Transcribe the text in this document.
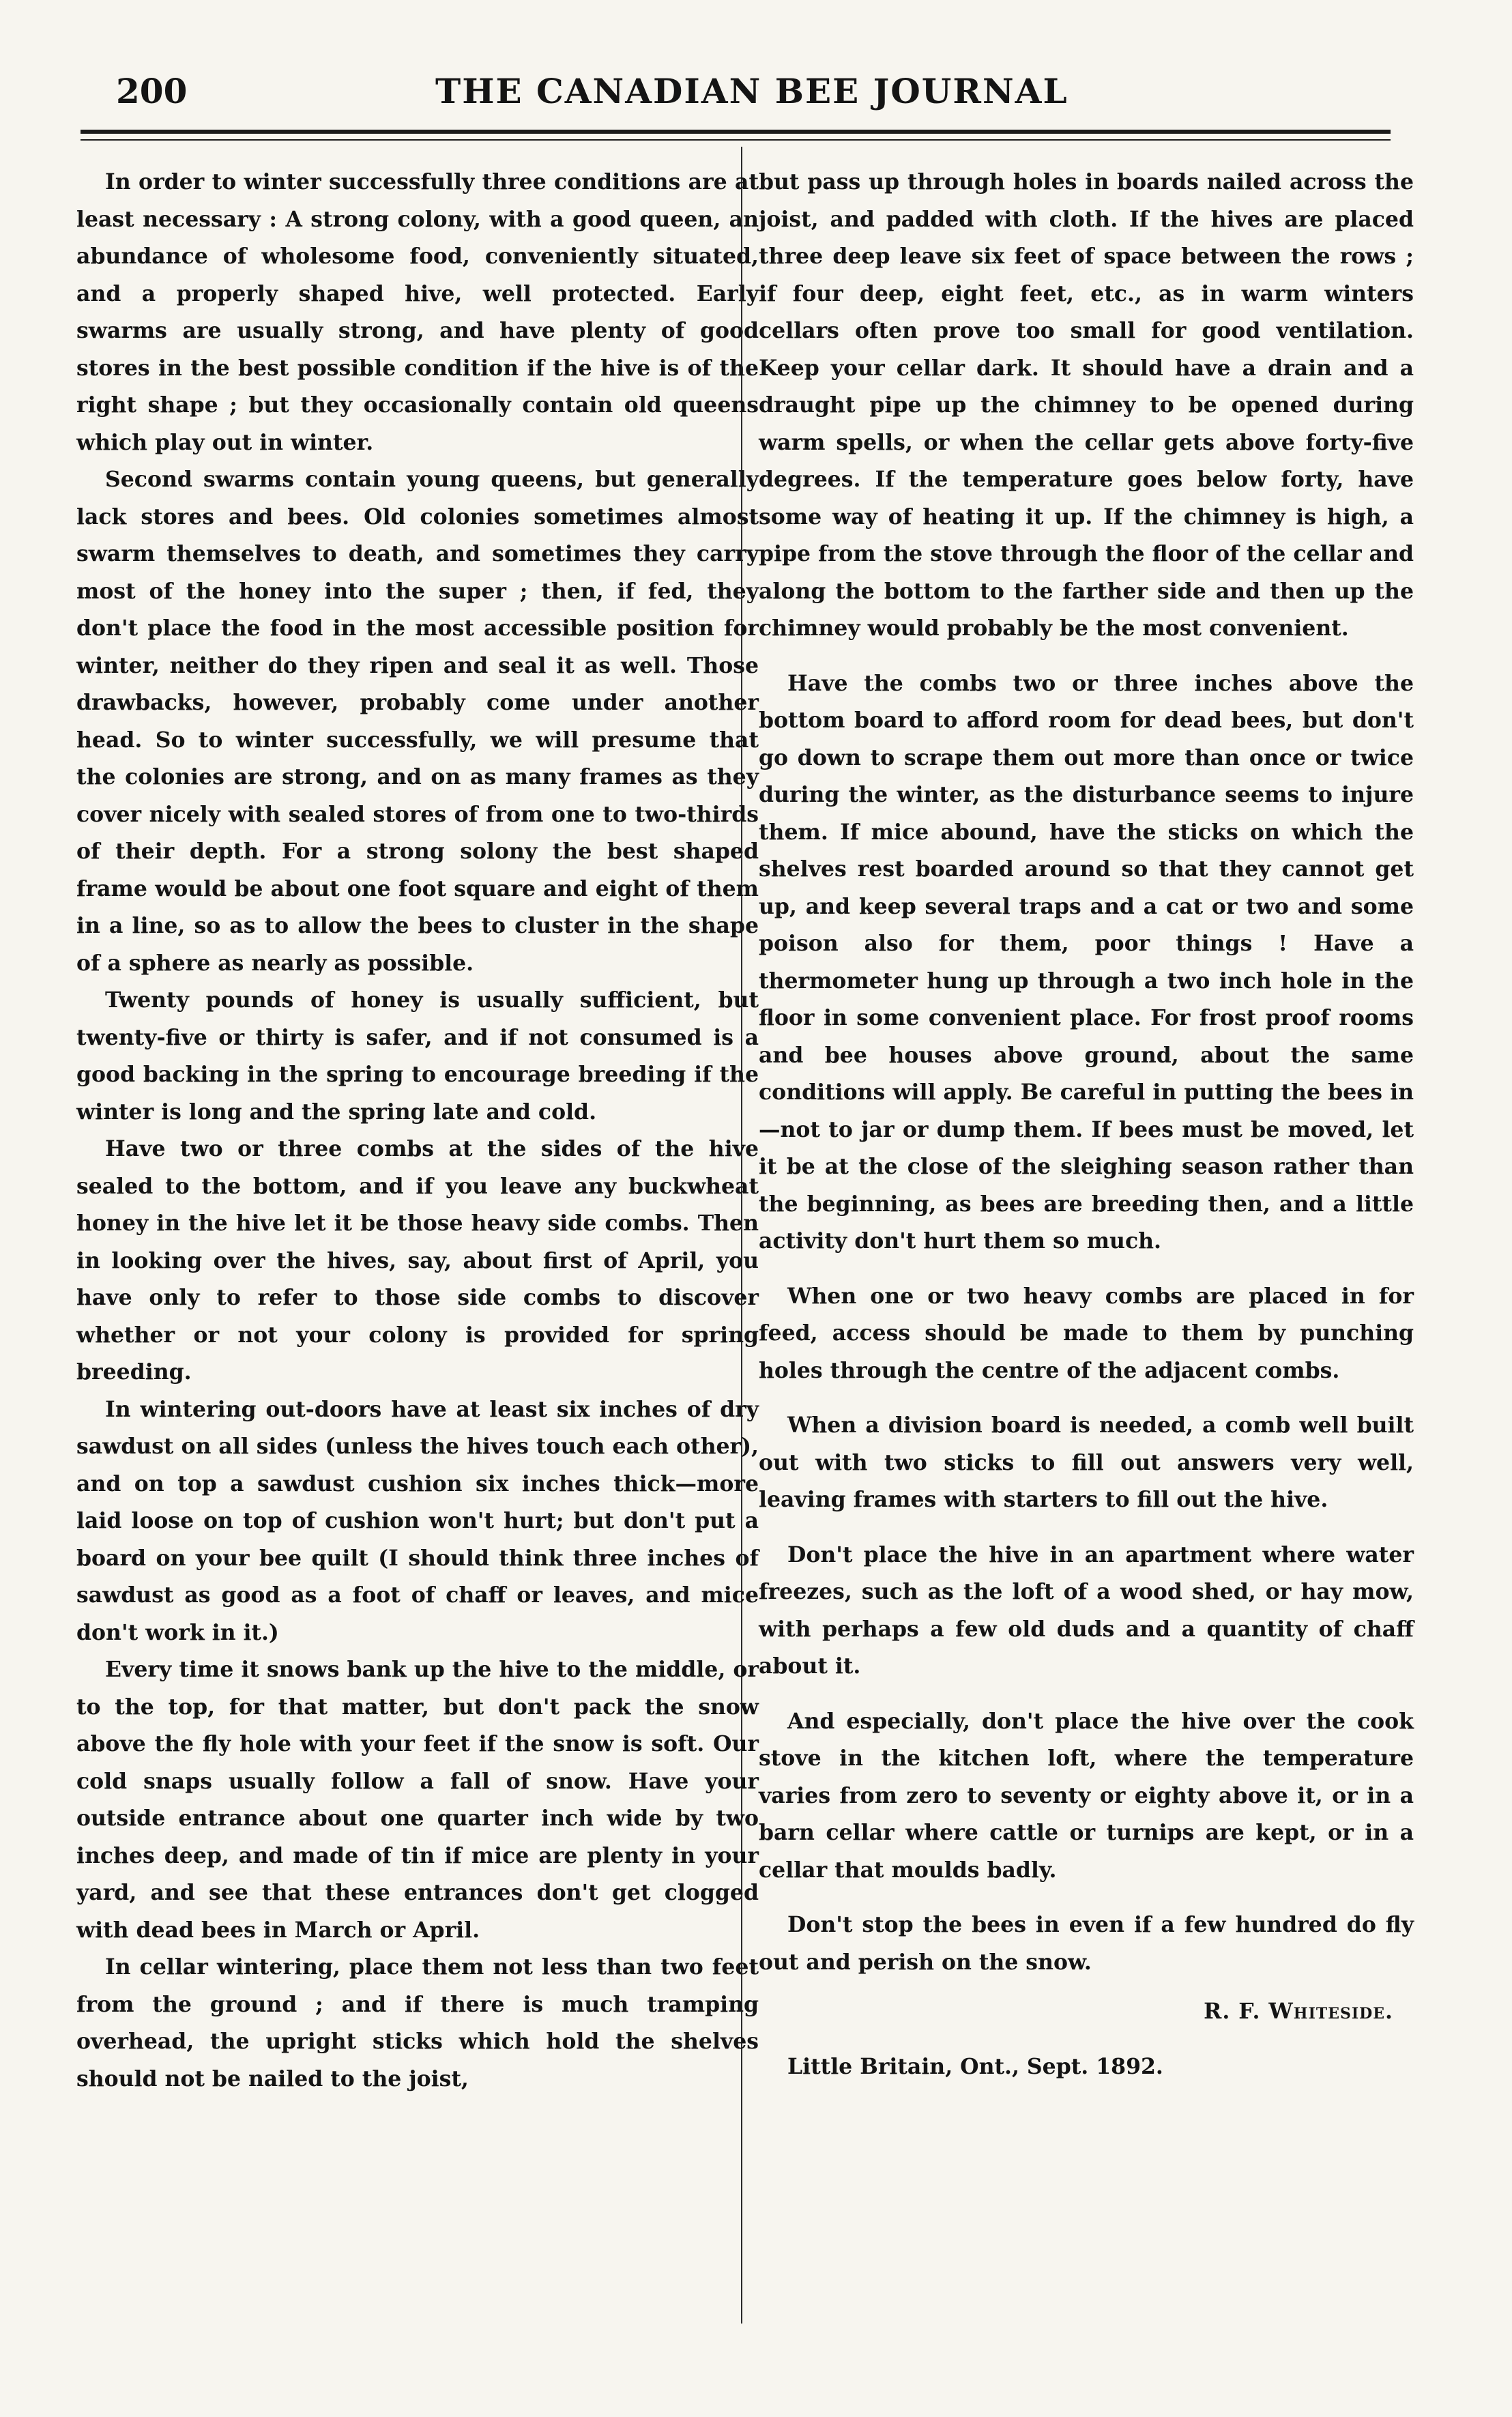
200	THE CANADIAN BEE JOURNAL

In order to winter successfully three conditions are at least necessary : A strong colony, with a good queen, an abundance of wholesome food, conveniently situated, and a properly shaped hive, well protected. Early swarms are usually strong, and have plenty of good stores in the best possible condition if the hive is of the right shape ; but they occasionally contain old queens which play out in winter.

Second swarms contain young queens, but generally lack stores and bees. Old colonies sometimes almost swarm themselves to death, and sometimes they carry most of the honey into the super ; then, if fed, they don't place the food in the most accessible position for winter, neither do they ripen and seal it as well. Those drawbacks, however, probably come under another head. So to winter successfully, we will presume that the colonies are strong, and on as many frames as they cover nicely with sealed stores of from one to two-thirds of their depth. For a strong solony the best shaped frame would be about one foot square and eight of them in a line, so as to allow the bees to cluster in the shape of a sphere as nearly as possible.

Twenty pounds of honey is usually sufficient, but twenty-five or thirty is safer, and if not consumed is a good backing in the spring to encourage breeding if the winter is long and the spring late and cold.

Have two or three combs at the sides of the hive sealed to the bottom, and if you leave any buckwheat honey in the hive let it be those heavy side combs. Then in looking over the hives, say, about first of April, you have only to refer to those side combs to discover whether or not your colony is provided for spring breeding.

In wintering out-doors have at least six inches of dry sawdust on all sides (unless the hives touch each other), and on top a sawdust cushion six inches thick—more laid loose on top of cushion won't hurt; but don't put a board on your bee quilt (I should think three inches of sawdust as good as a foot of chaff or leaves, and mice don't work in it.)

Every time it snows bank up the hive to the middle, or to the top, for that matter, but don't pack the snow above the fly hole with your feet if the snow is soft. Our cold snaps usually follow a fall of snow. Have your outside entrance about one quarter inch wide by two inches deep, and made of tin if mice are plenty in your yard, and see that these entrances don't get clogged with dead bees in March or April.

In cellar wintering, place them not less than two feet from the ground ; and if there is much tramping overhead, the upright sticks which hold the shelves should not be nailed to the joist,

but pass up through holes in boards nailed across the joist, and padded with cloth. If the hives are placed three deep leave six feet of space between the rows ; if four deep, eight feet, etc., as in warm winters cellars often prove too small for good ventilation. Keep your cellar dark. It should have a drain and a draught pipe up the chimney to be opened during warm spells, or when the cellar gets above forty-five degrees. If the temperature goes below forty, have some way of heating it up. If the chimney is high, a pipe from the stove through the floor of the cellar and along the bottom to the farther side and then up the chimney would probably be the most convenient.

Have the combs two or three inches above the bottom board to afford room for dead bees, but don't go down to scrape them out more than once or twice during the winter, as the disturbance seems to injure them. If mice abound, have the sticks on which the shelves rest boarded around so that they cannot get up, and keep several traps and a cat or two and some poison also for them, poor things ! Have a thermometer hung up through a two inch hole in the floor in some convenient place. For frost proof rooms and bee houses above ground, about the same conditions will apply. Be careful in putting the bees in—not to jar or dump them. If bees must be moved, let it be at the close of the sleighing season rather than the beginning, as bees are breeding then, and a little activity don't hurt them so much.

When one or two heavy combs are placed in for feed, access should be made to them by punching holes through the centre of the adjacent combs.

When a division board is needed, a comb well built out with two sticks to fill out answers very well, leaving frames with starters to fill out the hive.

Don't place the hive in an apartment where water freezes, such as the loft of a wood shed, or hay mow, with perhaps a few old duds and a quantity of chaff about it.

And especially, don't place the hive over the cook stove in the kitchen loft, where the temperature varies from zero to seventy or eighty above it, or in a barn cellar where cattle or turnips are kept, or in a cellar that moulds badly.

Don't stop the bees in even if a few hundred do fly out and perish on the snow.

R. F. Whiteside.
Little Britain, Ont., Sept. 1892.
